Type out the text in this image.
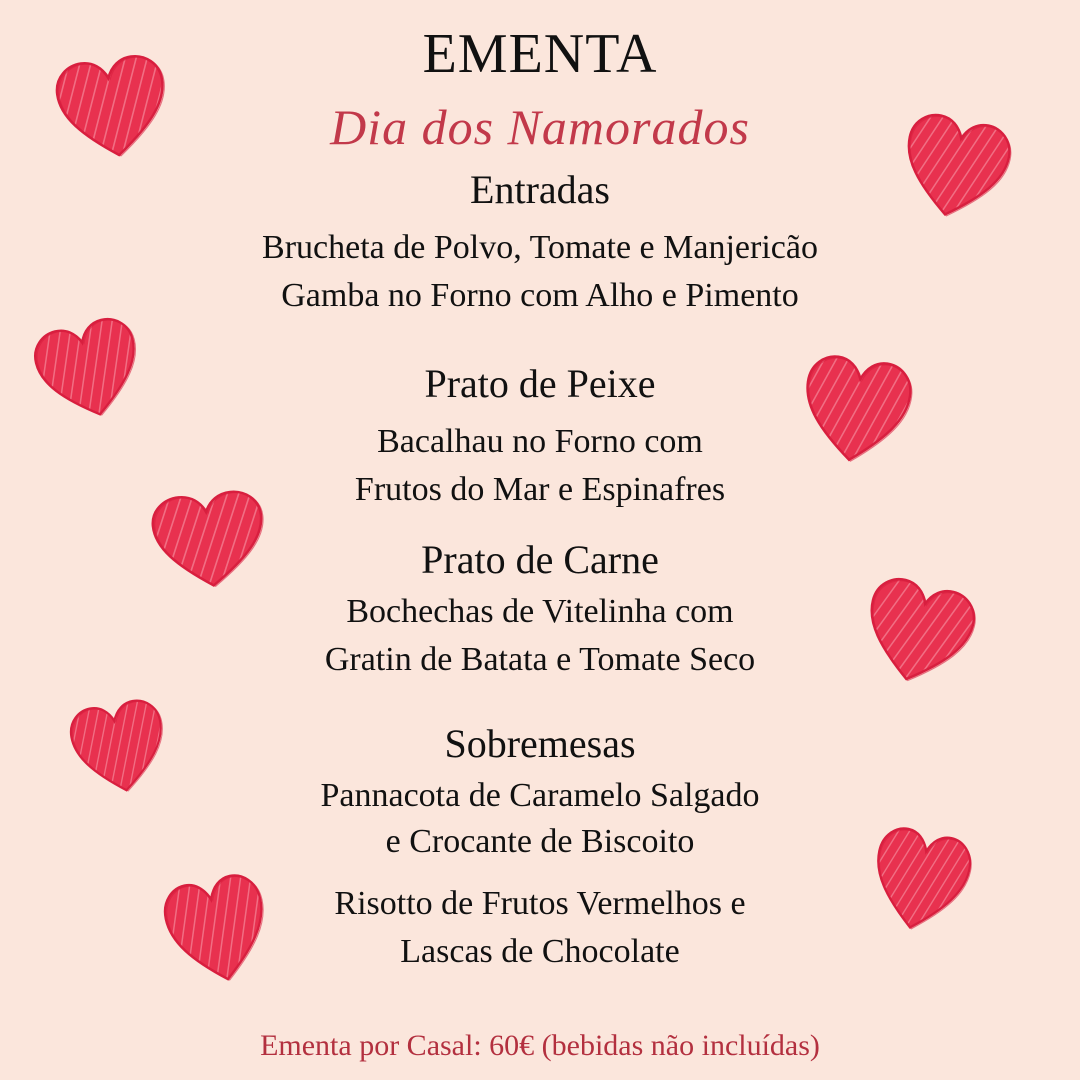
EMENTA
Dia dos Namorados
Entradas
Brucheta de Polvo, Tomate e Manjericão
Gamba no Forno com Alho e Pimento
Prato de Peixe
Bacalhau no Forno com
Frutos do Mar e Espinafres
Prato de Carne
Bochechas de Vitelinha com
Gratin de Batata e Tomate Seco
Sobremesas
Pannacota de Caramelo Salgado
e Crocante de Biscoito
Risotto de Frutos Vermelhos e
Lascas de Chocolate
Ementa por Casal: 60€ (bebidas não incluídas)
